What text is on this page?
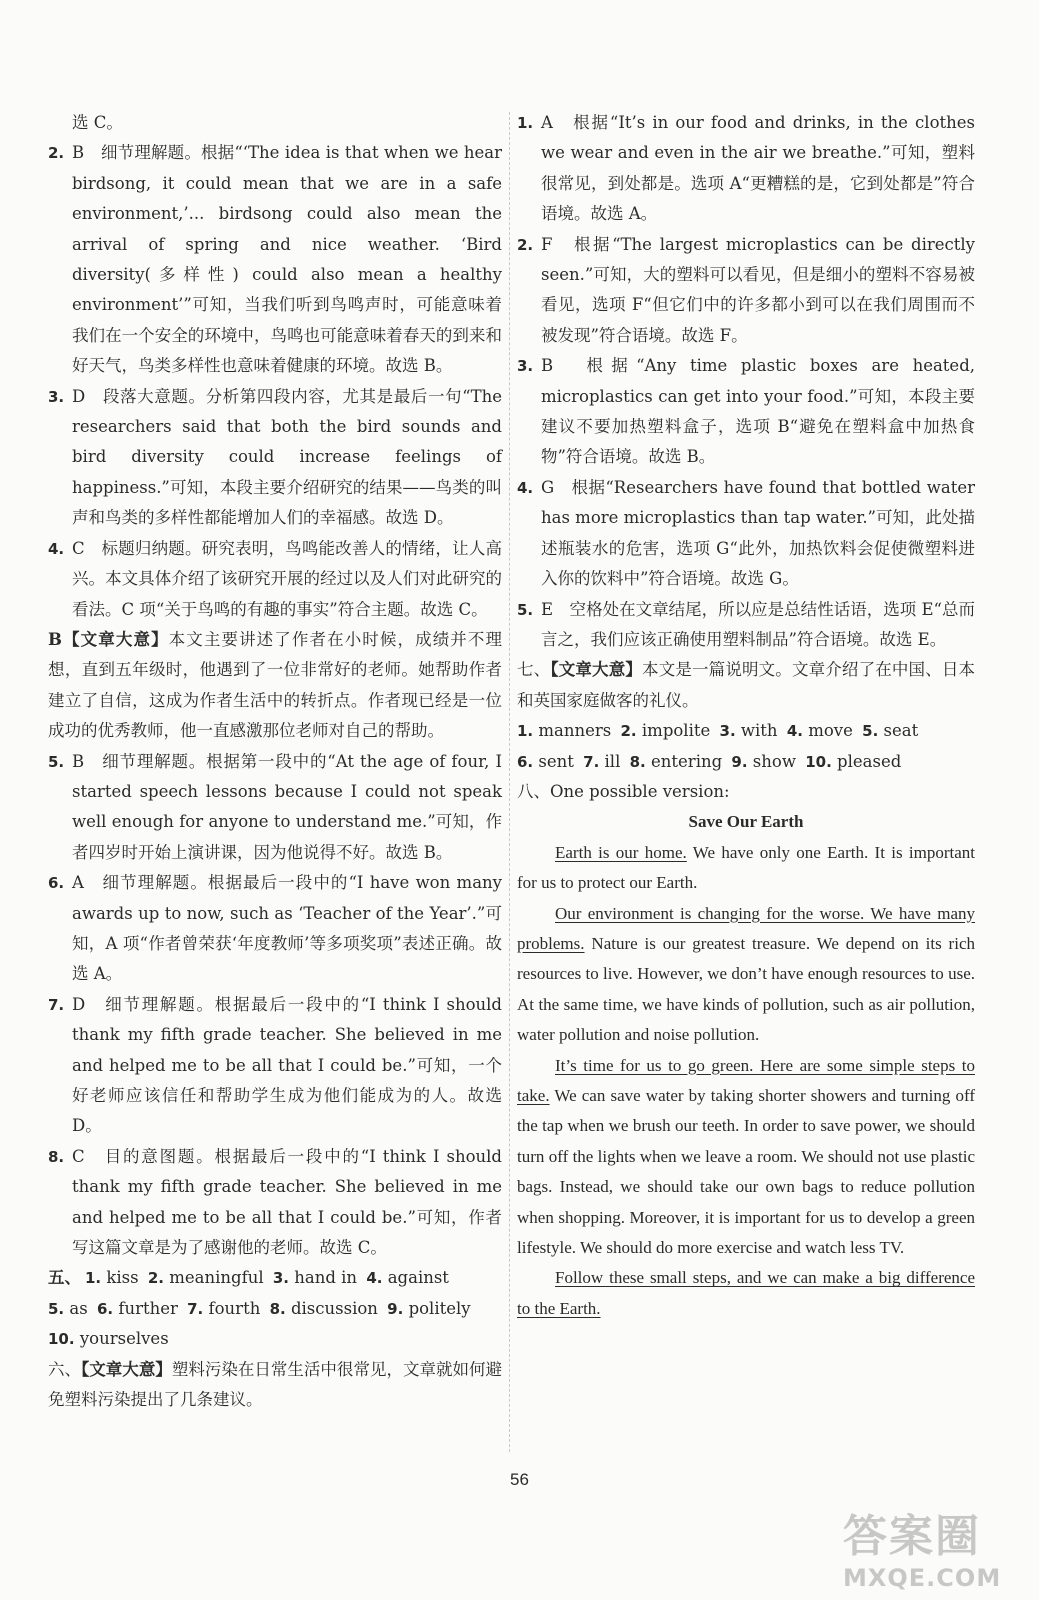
选 C。
2. B　细节理解题。根据“‘The idea is that when we hear birdsong, it could mean that we are in a safe environment,’... birdsong could also mean the arrival of spring and nice weather. ‘Bird diversity(多样性) could also mean a healthy environment’”可知，当我们听到鸟鸣声时，可能意味着我们在一个安全的环境中，鸟鸣也可能意味着春天的到来和好天气，鸟类多样性也意味着健康的环境。故选 B。
3. D　段落大意题。分析第四段内容，尤其是最后一句“The researchers said that both the bird sounds and bird diversity could increase feelings of happiness.”可知，本段主要介绍研究的结果——鸟类的叫声和鸟类的多样性都能增加人们的幸福感。故选 D。
4. C　标题归纳题。研究表明，鸟鸣能改善人的情绪，让人高兴。本文具体介绍了该研究开展的经过以及人们对此研究的看法。C 项“关于鸟鸣的有趣的事实”符合主题。故选 C。
B【文章大意】本文主要讲述了作者在小时候，成绩并不理想，直到五年级时，他遇到了一位非常好的老师。她帮助作者建立了自信，这成为作者生活中的转折点。作者现已经是一位成功的优秀教师，他一直感激那位老师对自己的帮助。
5. B　细节理解题。根据第一段中的“At the age of four, I started speech lessons because I could not speak well enough for anyone to understand me.”可知，作者四岁时开始上演讲课，因为他说得不好。故选 B。
6. A　细节理解题。根据最后一段中的“I have won many awards up to now, such as ‘Teacher of the Year’.”可知，A 项“作者曾荣获‘年度教师’等多项奖项”表述正确。故选 A。
7. D　细节理解题。根据最后一段中的“I think I should thank my fifth grade teacher. She believed in me and helped me to be all that I could be.”可知，一个好老师应该信任和帮助学生成为他们能成为的人。故选 D。
8. C　目的意图题。根据最后一段中的“I think I should thank my fifth grade teacher. She believed in me and helped me to be all that I could be.”可知，作者写这篇文章是为了感谢他的老师。故选 C。
五、 1. kiss 2. meaningful 3. hand in 4. against
5. as 6. further 7. fourth 8. discussion 9. politely
10. yourselves
六、【文章大意】塑料污染在日常生活中很常见，文章就如何避免塑料污染提出了几条建议。
1. A　根据“It’s in our food and drinks, in the clothes we wear and even in the air we breathe.”可知，塑料很常见，到处都是。选项 A“更糟糕的是，它到处都是”符合语境。故选 A。
2. F　根据“The largest microplastics can be directly seen.”可知，大的塑料可以看见，但是细小的塑料不容易被看见，选项 F“但它们中的许多都小到可以在我们周围而不被发现”符合语境。故选 F。
3. B　根据“Any time plastic boxes are heated, microplastics can get into your food.”可知，本段主要建议不要加热塑料盒子，选项 B“避免在塑料盒中加热食物”符合语境。故选 B。
4. G　根据“Researchers have found that bottled water has more microplastics than tap water.”可知，此处描述瓶装水的危害，选项 G“此外，加热饮料会促使微塑料进入你的饮料中”符合语境。故选 G。
5. E　空格处在文章结尾，所以应是总结性话语，选项 E“总而言之，我们应该正确使用塑料制品”符合语境。故选 E。
七、【文章大意】本文是一篇说明文。文章介绍了在中国、日本和英国家庭做客的礼仪。
1. manners 2. impolite 3. with 4. move 5. seat
6. sent 7. ill 8. entering 9. show 10. pleased
八、One possible version:
Save Our Earth

Earth is our home. We have only one Earth. It is important for us to protect our Earth.

Our environment is changing for the worse. We have many problems. Nature is our greatest treasure. We depend on its rich resources to live. However, we don’t have enough resources to use. At the same time, we have kinds of pollution, such as air pollution, water pollution and noise pollution.

It’s time for us to go green. Here are some simple steps to take. We can save water by taking shorter showers and turning off the tap when we brush our teeth. In order to save power, we should turn off the lights when we leave a room. We should not use plastic bags. Instead, we should take our own bags to reduce pollution when shopping. Moreover, it is important for us to develop a green lifestyle. We should do more exercise and watch less TV.

Follow these small steps, and we can make a big difference to the Earth.

56
答案圈
MXQE.COM
